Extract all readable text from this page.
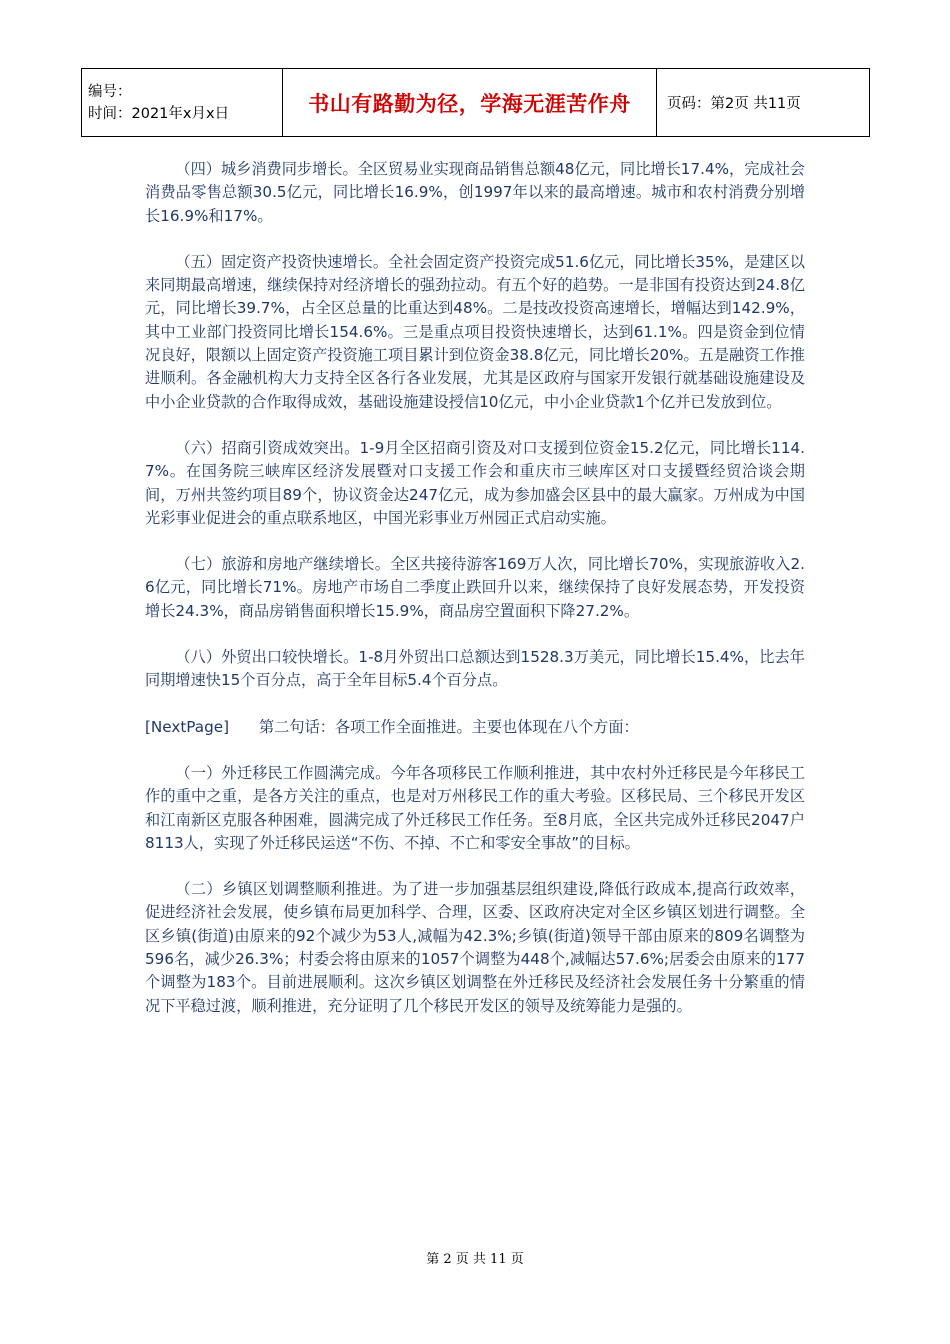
编号：
时间：2021年x月x日	书山有路勤为径，学海无涯苦作舟	页码：第2页 共11页

（四）城乡消费同步增长。全区贸易业实现商品销售总额48亿元，同比增长17.4%，完成社会消费品零售总额30.5亿元，同比增长16.9%，创1997年以来的最高增速。城市和农村消费分别增长16.9%和17%。

（五）固定资产投资快速增长。全社会固定资产投资完成51.6亿元，同比增长35%，是建区以来同期最高增速，继续保持对经济增长的强劲拉动。有五个好的趋势。一是非国有投资达到24.8亿元，同比增长39.7%，占全区总量的比重达到48%。二是技改投资高速增长，增幅达到142.9%，其中工业部门投资同比增长154.6%。三是重点项目投资快速增长，达到61.1%。四是资金到位情况良好，限额以上固定资产投资施工项目累计到位资金38.8亿元，同比增长20%。五是融资工作推进顺利。各金融机构大力支持全区各行各业发展，尤其是区政府与国家开发银行就基础设施建设及中小企业贷款的合作取得成效，基础设施建设授信10亿元，中小企业贷款1个亿并已发放到位。

（六）招商引资成效突出。1-9月全区招商引资及对口支援到位资金15.2亿元，同比增长114.7%。在国务院三峡库区经济发展暨对口支援工作会和重庆市三峡库区对口支援暨经贸洽谈会期间，万州共签约项目89个，协议资金达247亿元，成为参加盛会区县中的最大赢家。万州成为中国光彩事业促进会的重点联系地区，中国光彩事业万州园正式启动实施。

（七）旅游和房地产继续增长。全区共接待游客169万人次，同比增长70%，实现旅游收入2.6亿元，同比增长71%。房地产市场自二季度止跌回升以来，继续保持了良好发展态势，开发投资增长24.3%，商品房销售面积增长15.9%，商品房空置面积下降27.2%。

（八）外贸出口较快增长。1-8月外贸出口总额达到1528.3万美元，同比增长15.4%，比去年同期增速快15个百分点，高于全年目标5.4个百分点。

[NextPage] 第二句话：各项工作全面推进。主要也体现在八个方面：

（一）外迁移民工作圆满完成。今年各项移民工作顺利推进，其中农村外迁移民是今年移民工作的重中之重，是各方关注的重点，也是对万州移民工作的重大考验。区移民局、三个移民开发区和江南新区克服各种困难，圆满完成了外迁移民工作任务。至8月底，全区共完成外迁移民2047户8113人，实现了外迁移民运送“不伤、不掉、不亡和零安全事故”的目标。

（二）乡镇区划调整顺利推进。为了进一步加强基层组织建设,降低行政成本,提高行政效率，促进经济社会发展，使乡镇布局更加科学、合理，区委、区政府决定对全区乡镇区划进行调整。全区乡镇(街道)由原来的92个减少为53人,减幅为42.3%;乡镇(街道)领导干部由原来的809名调整为596名，减少26.3%；村委会将由原来的1057个调整为448个,减幅达57.6%;居委会由原来的177个调整为183个。目前进展顺利。这次乡镇区划调整在外迁移民及经济社会发展任务十分繁重的情况下平稳过渡，顺利推进，充分证明了几个移民开发区的领导及统筹能力是强的。

第 2 页 共 11 页
